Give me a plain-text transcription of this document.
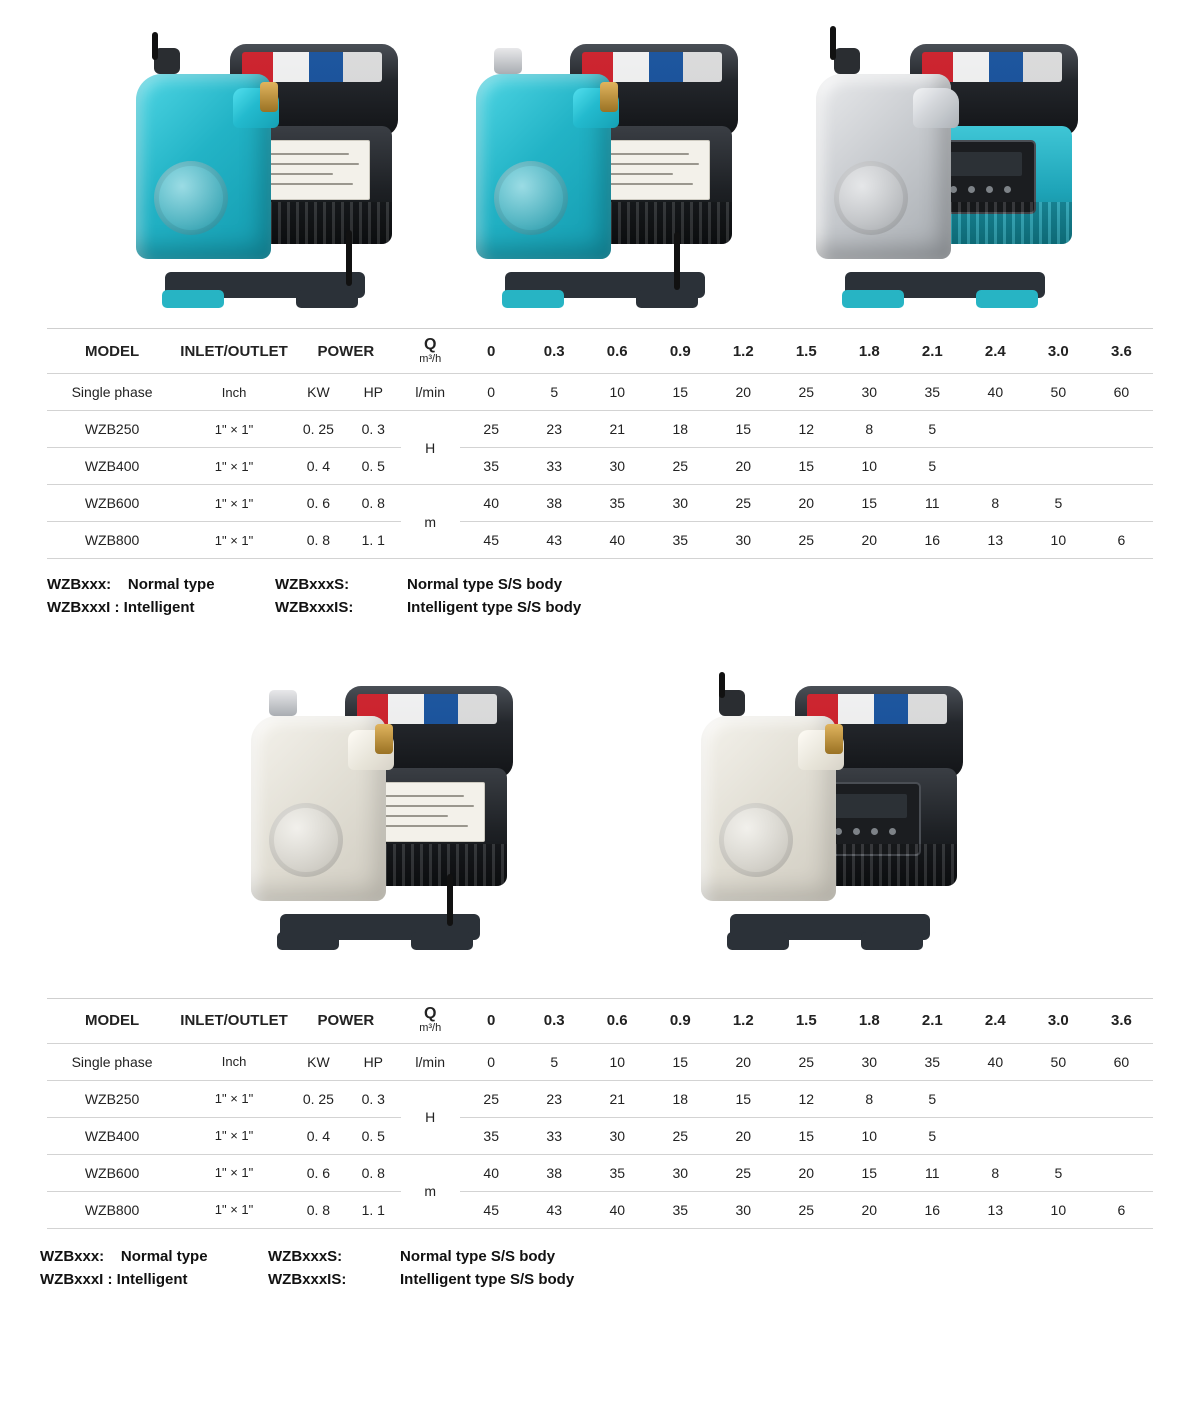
MODEL	INLET/OUTLET	POWER		Q
m³/h	0	0.3	0.6	0.9	1.2	1.5	1.8	2.1	2.4	3.0	3.6
Single phase	Inch	KW	HP	l/min	0	5	10	15	20	25	30	35	40	50	60
WZB250	1" × 1"	0. 25	0. 3	H	25	23	21	18	15	12	8	5			
WZB400	1" × 1"	0. 4	0. 5		35	33	30	25	20	15	10	5			
WZB600	1" × 1"	0. 6	0. 8	m	40	38	35	30	25	20	15	11	8	5	
WZB800	1" × 1"	0. 8	1. 1		45	43	40	35	30	25	20	16	13	10	6
WZBxxx: Normal type	WZBxxxS:	Normal type S/S body
WZBxxxI : Intelligent	WZBxxxIS:	Intelligent type S/S body
MODEL	INLET/OUTLET	POWER		Q
m³/h	0	0.3	0.6	0.9	1.2	1.5	1.8	2.1	2.4	3.0	3.6
Single phase	Inch	KW	HP	l/min	0	5	10	15	20	25	30	35	40	50	60
WZB250	1" × 1"	0. 25	0. 3	H	25	23	21	18	15	12	8	5			
WZB400	1" × 1"	0. 4	0. 5		35	33	30	25	20	15	10	5			
WZB600	1" × 1"	0. 6	0. 8	m	40	38	35	30	25	20	15	11	8	5	
WZB800	1" × 1"	0. 8	1. 1		45	43	40	35	30	25	20	16	13	10	6
WZBxxx: Normal type	WZBxxxS:	Normal type S/S body
WZBxxxI : Intelligent	WZBxxxIS:	Intelligent type S/S body
